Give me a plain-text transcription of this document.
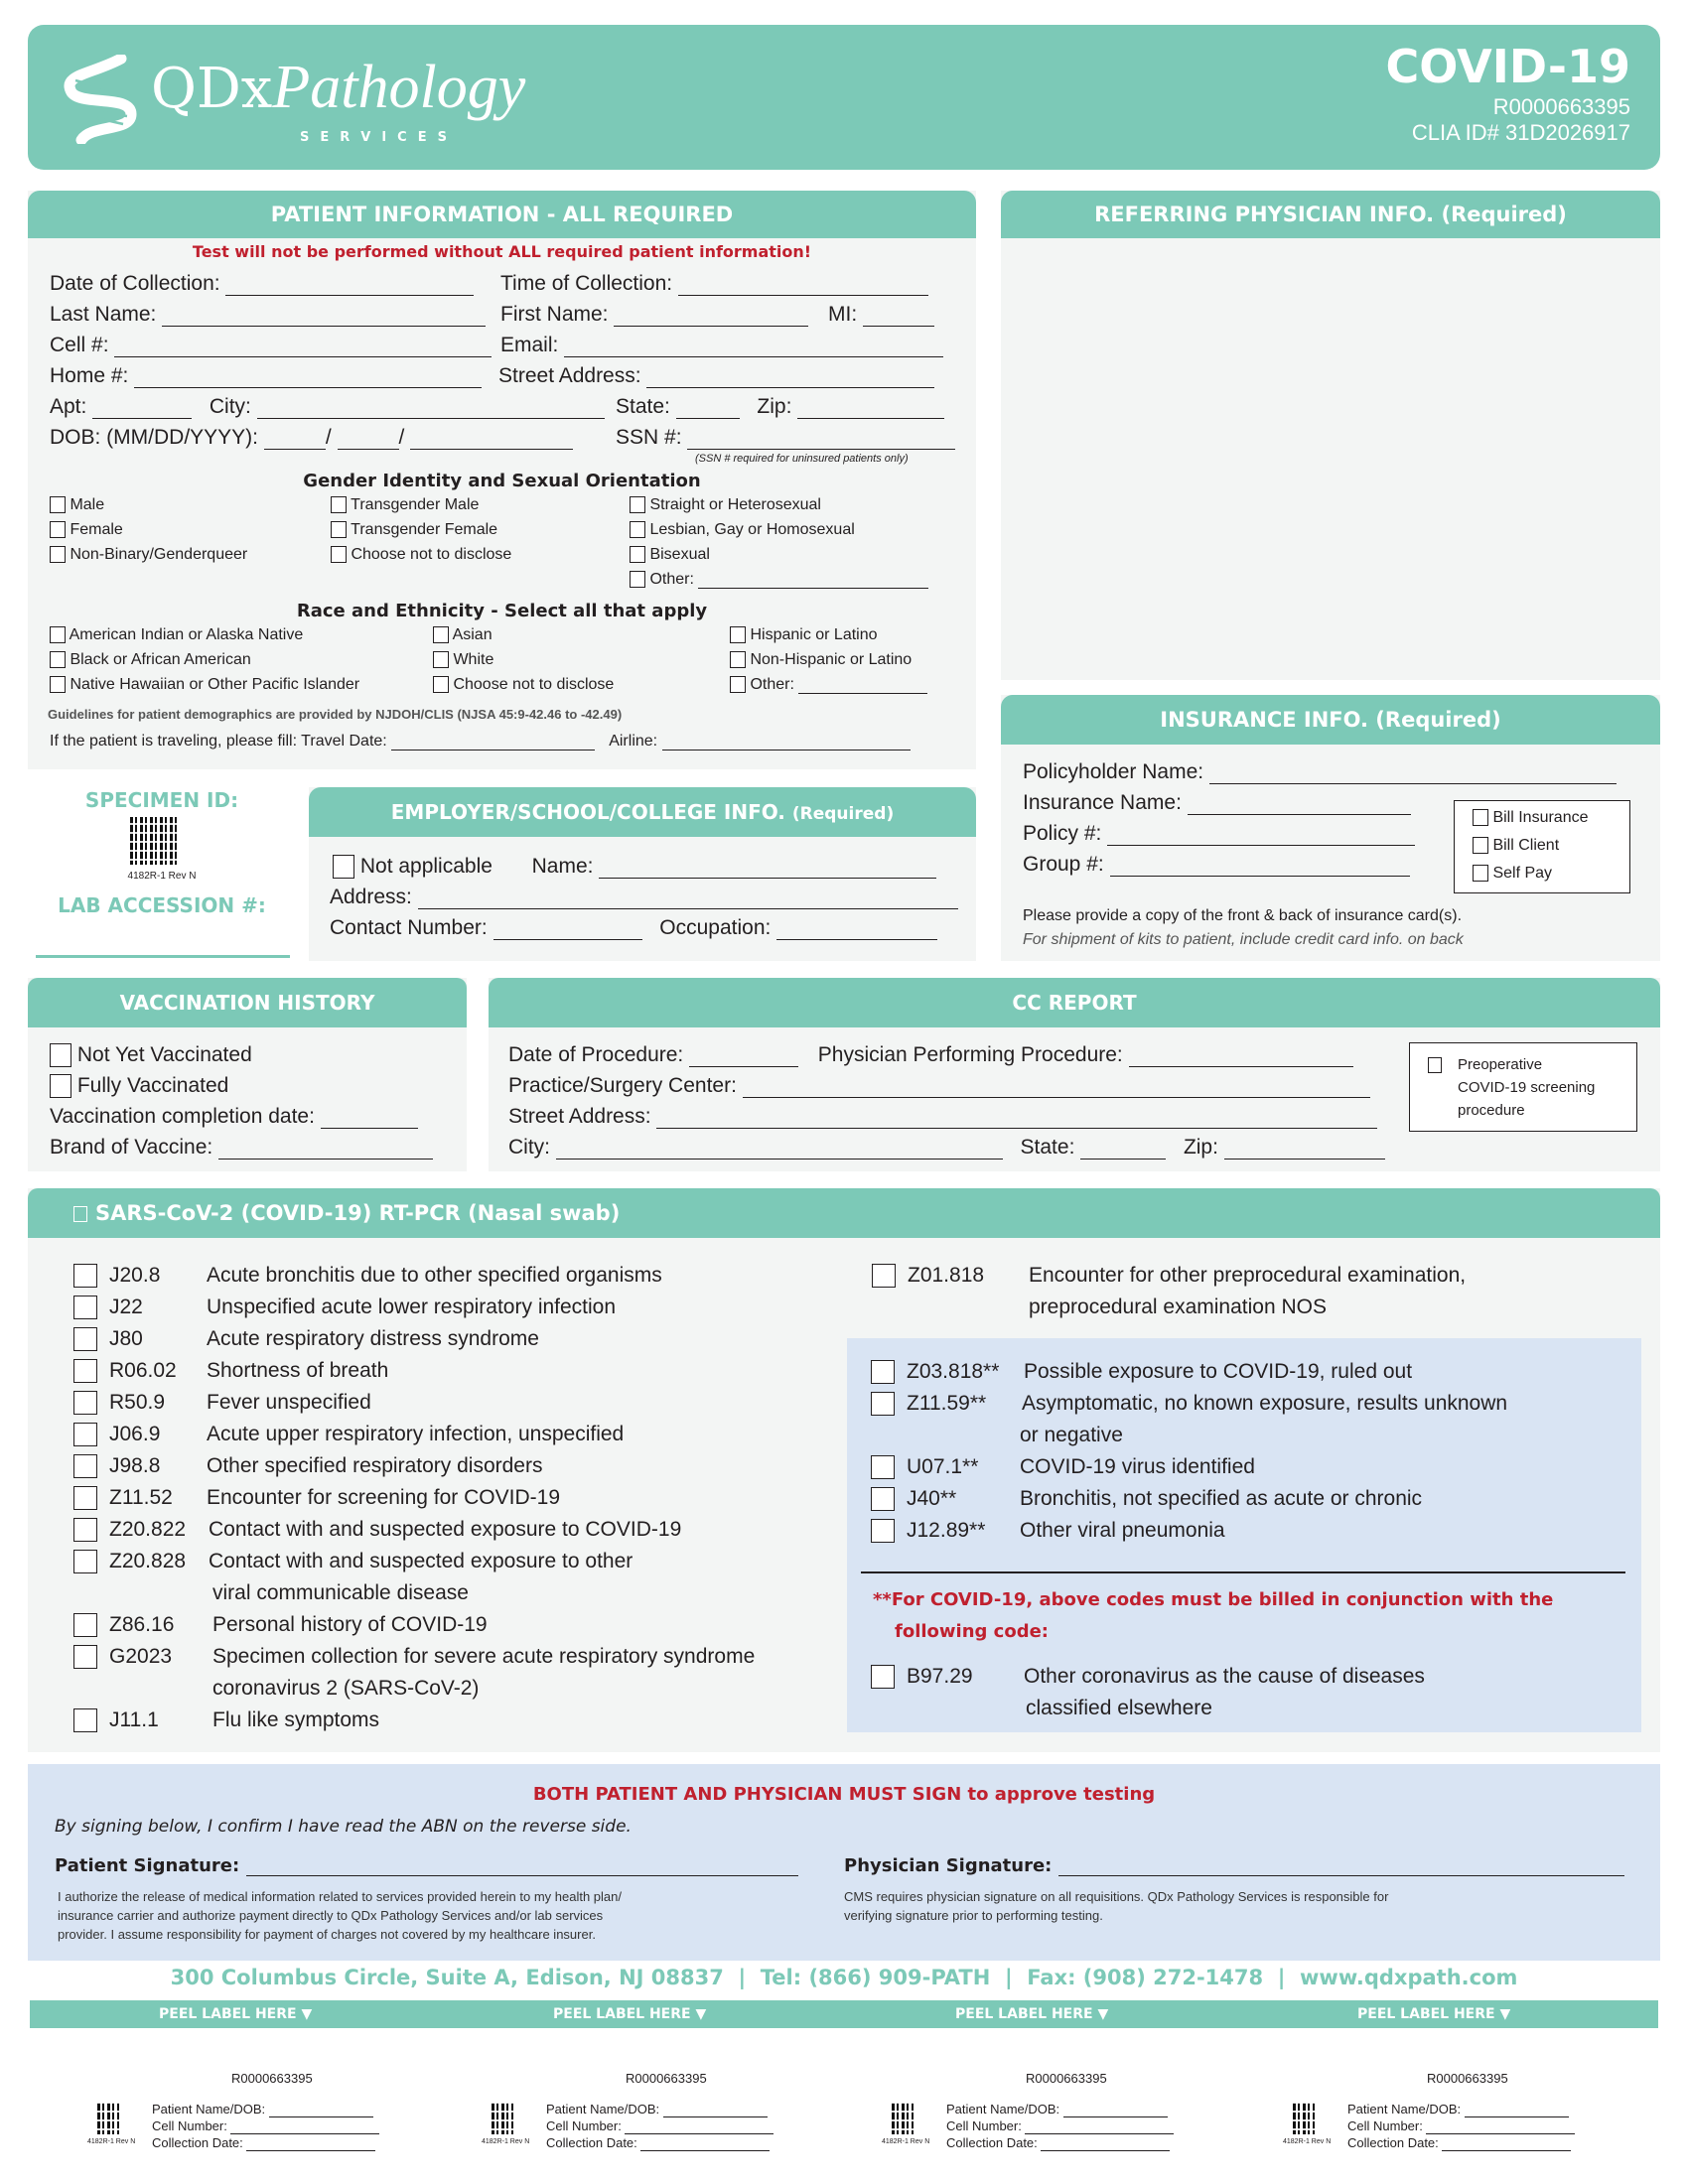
QDxPathology
SERVICES
COVID-19
R0000663395
CLIA ID# 31D2026917
PATIENT INFORMATION - ALL REQUIRED
Test will not be performed without ALL required patient information!
Date of Collection:	Time of Collection:
Last Name:	First Name:	MI:
Cell #:	Email:
Home #:	Street Address:
Apt:	City:	State:	Zip:
DOB: (MM/DD/YYYY):	/	/	SSN #:
(SSN # required for uninsured patients only)
Gender Identity and Sexual Orientation
Male
Female
Non-Binary/Genderqueer
Transgender Male
Transgender Female
Choose not to disclose
Straight or Heterosexual
Lesbian, Gay or Homosexual
Bisexual
Other:
Race and Ethnicity - Select all that apply
American Indian or Alaska Native
Black or African American
Native Hawaiian or Other Pacific Islander
Asian
White
Choose not to disclose
Hispanic or Latino
Non-Hispanic or Latino
Other:
Guidelines for patient demographics are provided by NJDOH/CLIS (NJSA 45:9-42.46 to -42.49)
If the patient is traveling, please fill: Travel Date:	Airline:
REFERRING PHYSICIAN INFO. (Required)
INSURANCE INFO. (Required)
Policyholder Name:
Insurance Name:
Policy #:
Group #:
Bill Insurance
Bill Client
Self Pay
Please provide a copy of the front & back of insurance card(s).
For shipment of kits to patient, include credit card info. on back
SPECIMEN ID:
4182R-1 Rev N
LAB ACCESSION #:
EMPLOYER/SCHOOL/COLLEGE INFO. (Required)
Not applicable Name:
Address:
Contact Number:	Occupation:
VACCINATION HISTORY
Not Yet Vaccinated
Fully Vaccinated
Vaccination completion date:
Brand of Vaccine:
CC REPORT
Date of Procedure:	Physician Performing Procedure:
Practice/Surgery Center:
Street Address:
City:	State:	Zip:
Preoperative
COVID-19 screening
procedure
SARS-CoV-2 (COVID-19) RT-PCR (Nasal swab)
J20.8 Acute bronchitis due to other specified organisms
J22	Unspecified acute lower respiratory infection
J80	Acute respiratory distress syndrome
R06.02 Shortness of breath
R50.9 Fever unspecified
J06.9 Acute upper respiratory infection, unspecified
J98.8 Other specified respiratory disorders
Z11.52 Encounter for screening for COVID-19
Z20.822 Contact with and suspected exposure to COVID-19
Z20.828 Contact with and suspected exposure to other
viral communicable disease
Z86.16 Personal history of COVID-19
G2023 Specimen collection for severe acute respiratory syndrome
coronavirus 2 (SARS-CoV-2)
J11.1	Flu like symptoms
Z01.818 Encounter for other preprocedural examination,
preprocedural examination NOS
Z03.818** Possible exposure to COVID-19, ruled out
Z11.59** Asymptomatic, no known exposure, results unknown
or negative
U07.1** COVID-19 virus identified
J40**	Bronchitis, not specified as acute or chronic
J12.89** Other viral pneumonia
**For COVID-19, above codes must be billed in conjunction with the
following code:
B97.29 Other coronavirus as the cause of diseases
classified elsewhere
BOTH PATIENT AND PHYSICIAN MUST SIGN to approve testing
By signing below, I confirm I have read the ABN on the reverse side.
Patient Signature:
I authorize the release of medical information related to services provided herein to my health plan/
insurance carrier and authorize payment directly to QDx Pathology Services and/or lab services
provider. I assume responsibility for payment of charges not covered by my healthcare insurer.
Physician Signature:
CMS requires physician signature on all requisitions. QDx Pathology Services is responsible for
verifying signature prior to performing testing.
300 Columbus Circle, Suite A, Edison, NJ 08837  |  Tel: (866) 909-PATH  |  Fax: (908) 272-1478  |  www.qdxpath.com
PEEL LABEL HERE ▼	PEEL LABEL HERE ▼	PEEL LABEL HERE ▼	PEEL LABEL HERE ▼
R0000663395
4182R-1 Rev N
Patient Name/DOB:
Cell Number:
Collection Date:
R0000663395
4182R-1 Rev N
Patient Name/DOB:
Cell Number:
Collection Date:
R0000663395
4182R-1 Rev N
Patient Name/DOB:
Cell Number:
Collection Date:
R0000663395
4182R-1 Rev N
Patient Name/DOB:
Cell Number:
Collection Date:
